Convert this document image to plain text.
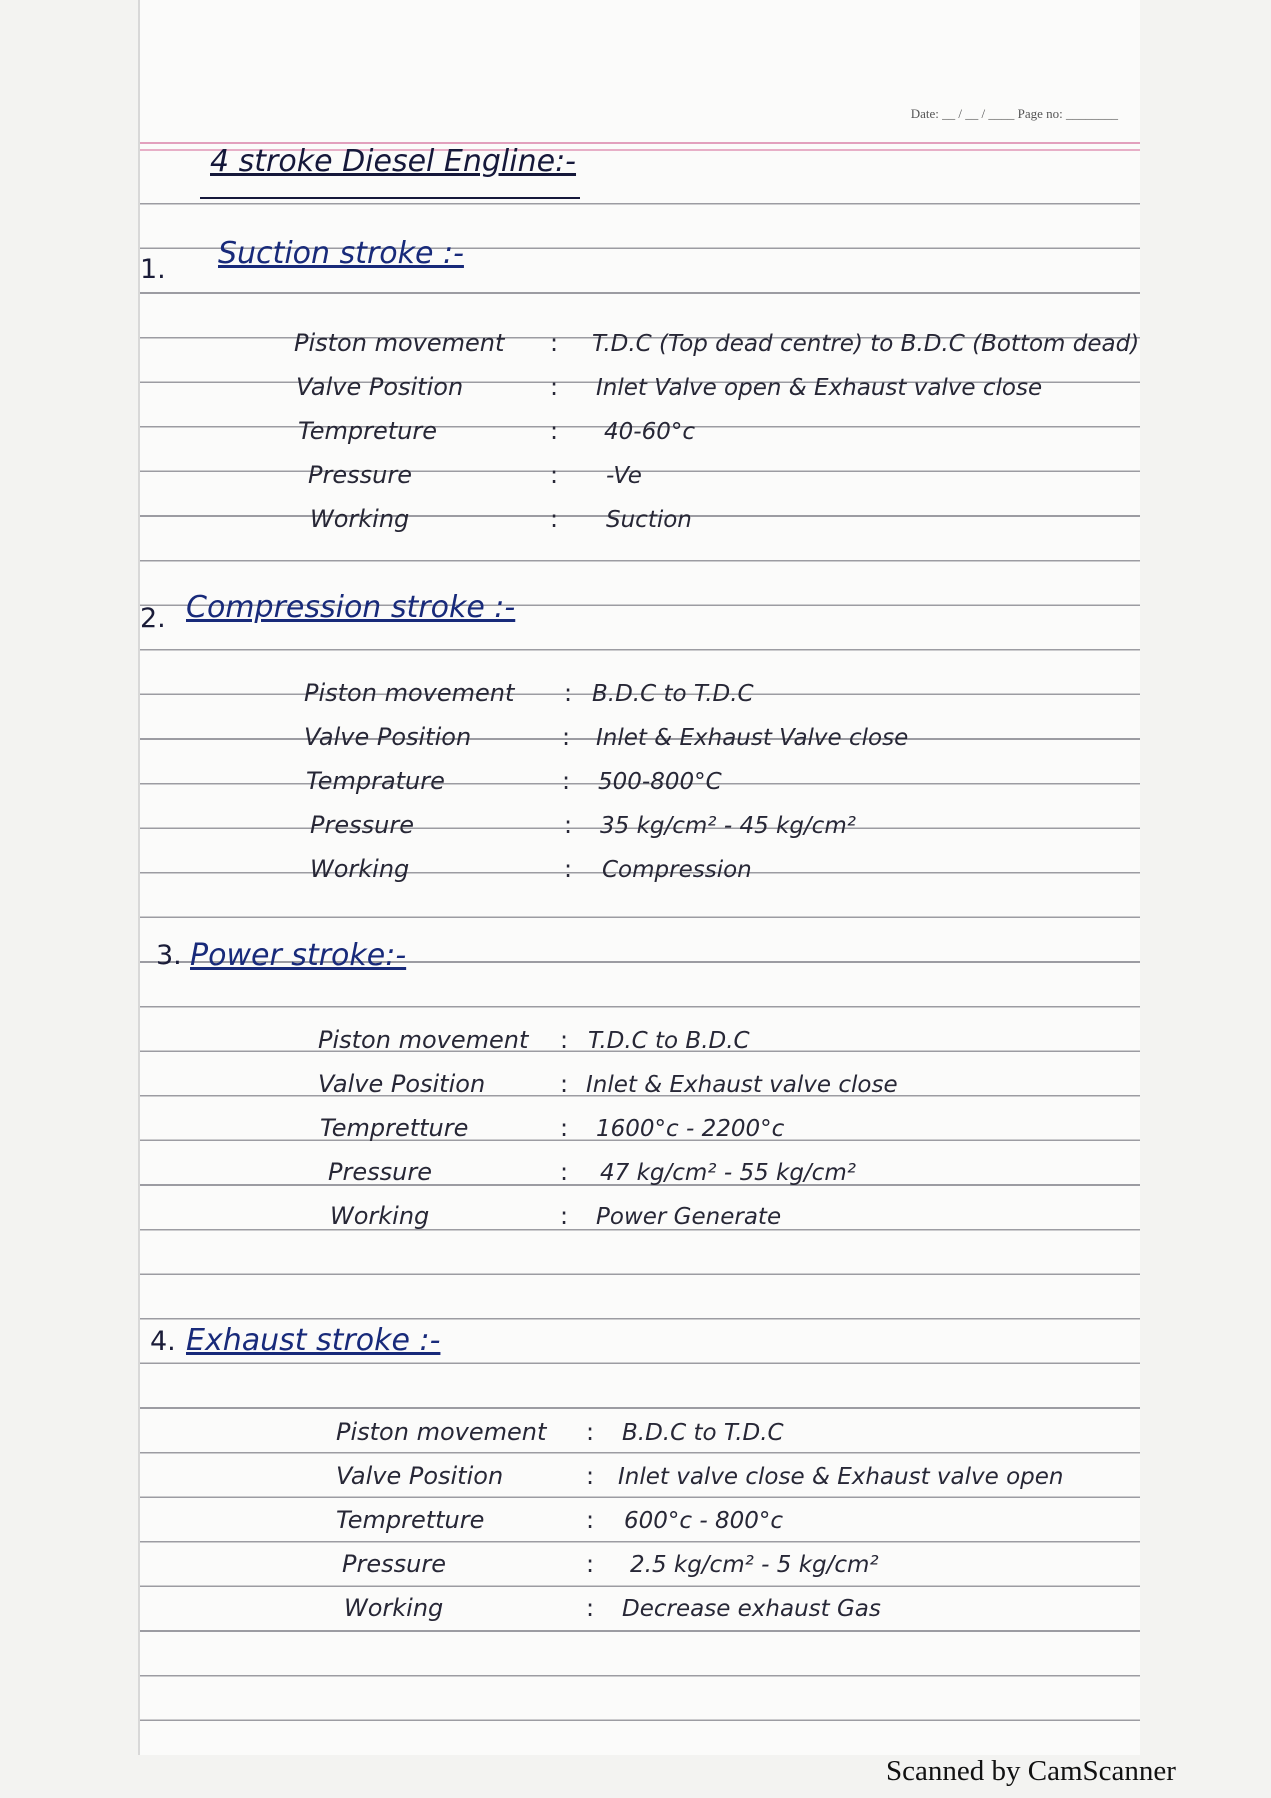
Date: __ / __ / ____ Page no: ________
4 stroke Diesel Engline:-
1. Suction stroke :-
Piston movement : T.D.C (Top dead centre) to B.D.C (Bottom dead)
Valve Position	: Inlet Valve open & Exhaust valve close
Tempreture	: 40-60°c
Pressure	: -Ve
Working	: Suction
2. Compression stroke :-
Piston movement : B.D.C to T.D.C
Valve Position	: Inlet & Exhaust Valve close
Temprature	: 500-800°C
Pressure	: 35 kg/cm² - 45 kg/cm²
Working	: Compression
3. Power stroke:-
Piston movement : T.D.C to B.D.C
Valve Position	: Inlet & Exhaust valve close
Tempretture	: 1600°c - 2200°c
Pressure	: 47 kg/cm² - 55 kg/cm²
Working	: Power Generate
4. Exhaust stroke :-
Piston movement : B.D.C to T.D.C
Valve Position	: Inlet valve close & Exhaust valve open
Tempretture	: 600°c - 800°c
Pressure	: 2.5 kg/cm² - 5 kg/cm²
Working	: Decrease exhaust Gas
Scanned by CamScanner
